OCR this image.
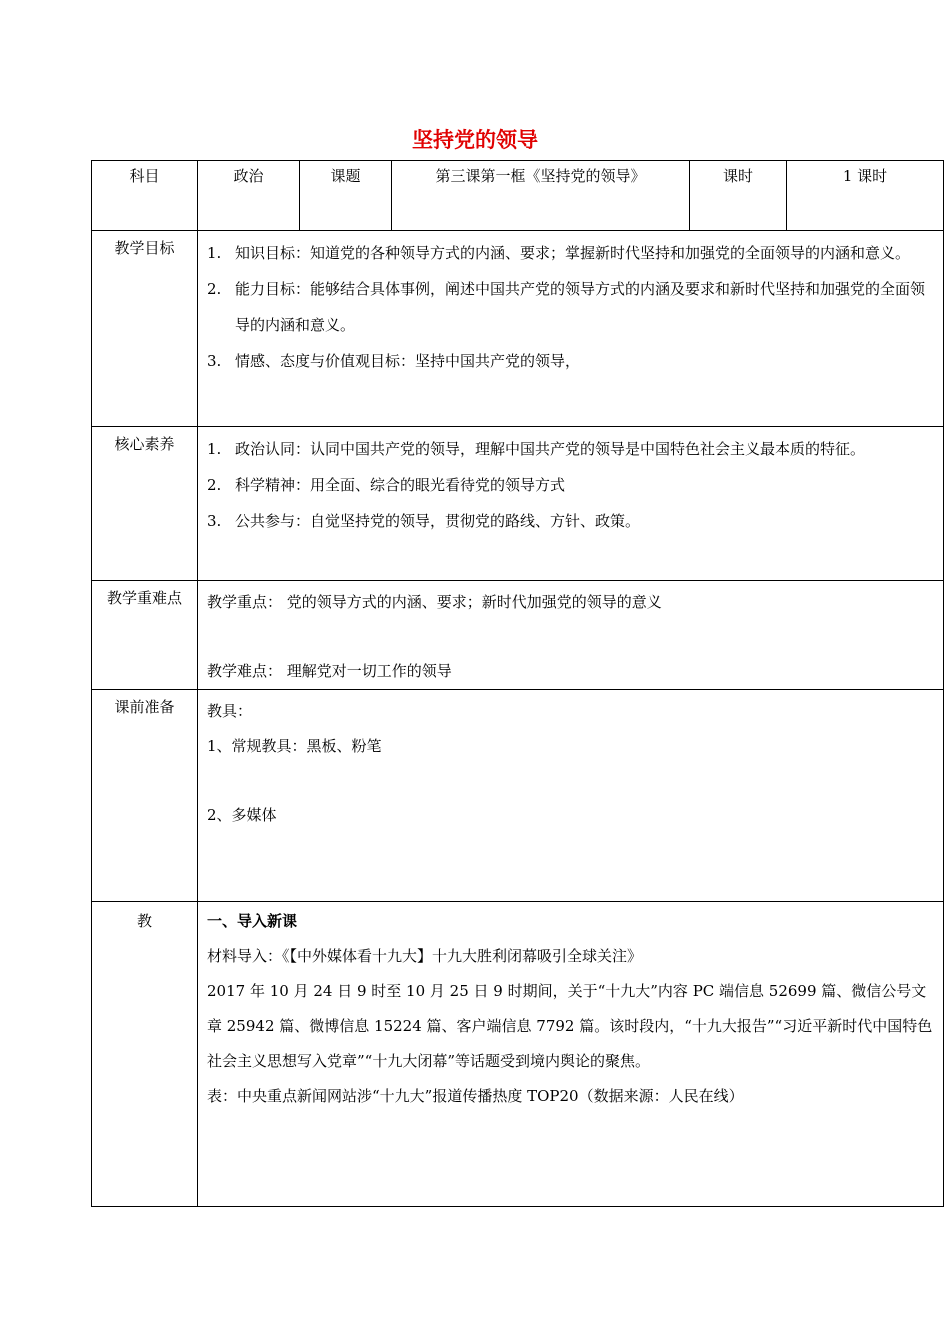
坚持党的领导
科目	政治	课题	第三课第一框《坚持党的领导》	课时	1 课时
教学目标	1. 知识目标：知道党的各种领导方式的内涵、要求；掌握新时代坚持和加强党的全面领导的内涵和意义。

2. 能力目标：能够结合具体事例，阐述中国共产党的领导方式的内涵及要求和新时代坚持和加强党的全面领导的内涵和意义。

3. 情感、态度与价值观目标：坚持中国共产党的领导，				

核心素养	1. 政治认同：认同中国共产党的领导，理解中国共产党的领导是中国特色社会主义最本质的特征。

2. 科学精神：用全面、综合的眼光看待党的领导方式

3. 公共参与：自觉坚持党的领导，贯彻党的路线、方针、政策。				

教学重难点	教学重点： 党的领导方式的内涵、要求；新时代加强党的领导的意义

教学难点： 理解党对一切工作的领导				

课前准备	教具：

1、常规教具：黑板、粉笔

2、多媒体				

教	一、导入新课

材料导入：《【中外媒体看十九大】十九大胜利闭幕吸引全球关注》

2017 年 10 月 24 日 9 时至 10 月 25 日 9 时期间，关于“十九大”内容 PC 端信息 52699 篇、微信公号文章 25942 篇、微博信息 15224 篇、客户端信息 7792 篇。该时段内，“十九大报告”“习近平新时代中国特色社会主义思想写入党章”“十九大闭幕”等话题受到境内舆论的聚焦。

表：中央重点新闻网站涉“十九大”报道传播热度 TOP20（数据来源：人民在线）				
